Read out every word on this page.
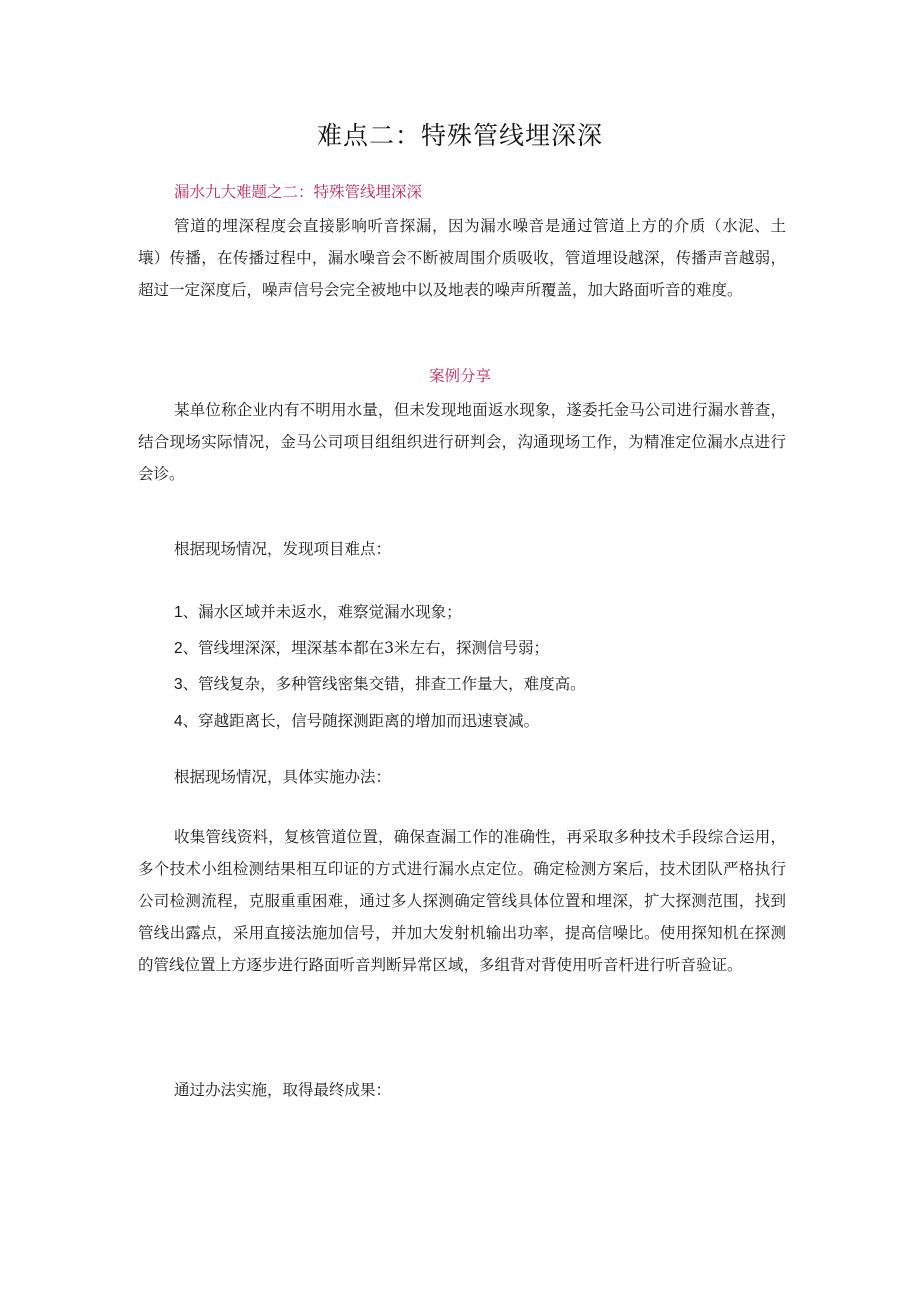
难点二：特殊管线埋深深
漏水九大难题之二：特殊管线埋深深

管道的埋深程度会直接影响听音探漏，因为漏水噪音是通过管道上方的介质（水泥、土壤）传播，在传播过程中，漏水噪音会不断被周围介质吸收，管道埋设越深，传播声音越弱，超过一定深度后，噪声信号会完全被地中以及地表的噪声所覆盖，加大路面听音的难度。

案例分享

某单位称企业内有不明用水量，但未发现地面返水现象，遂委托金马公司进行漏水普查，结合现场实际情况，金马公司项目组组织进行研判会，沟通现场工作，为精准定位漏水点进行会诊。

根据现场情况，发现项目难点：
1、漏水区域并未返水，难察觉漏水现象；
2、管线埋深深，埋深基本都在3米左右，探测信号弱；
3、管线复杂，多种管线密集交错，排查工作量大，难度高。
4、穿越距离长，信号随探测距离的增加而迅速衰减。
根据现场情况，具体实施办法：

收集管线资料，复核管道位置，确保查漏工作的准确性，再采取多种技术手段综合运用，多个技术小组检测结果相互印证的方式进行漏水点定位。确定检测方案后，技术团队严格执行公司检测流程，克服重重困难，通过多人探测确定管线具体位置和埋深，扩大探测范围，找到管线出露点，采用直接法施加信号，并加大发射机输出功率，提高信噪比。使用探知机在探测的管线位置上方逐步进行路面听音判断异常区域，多组背对背使用听音杆进行听音验证。

通过办法实施，取得最终成果：
